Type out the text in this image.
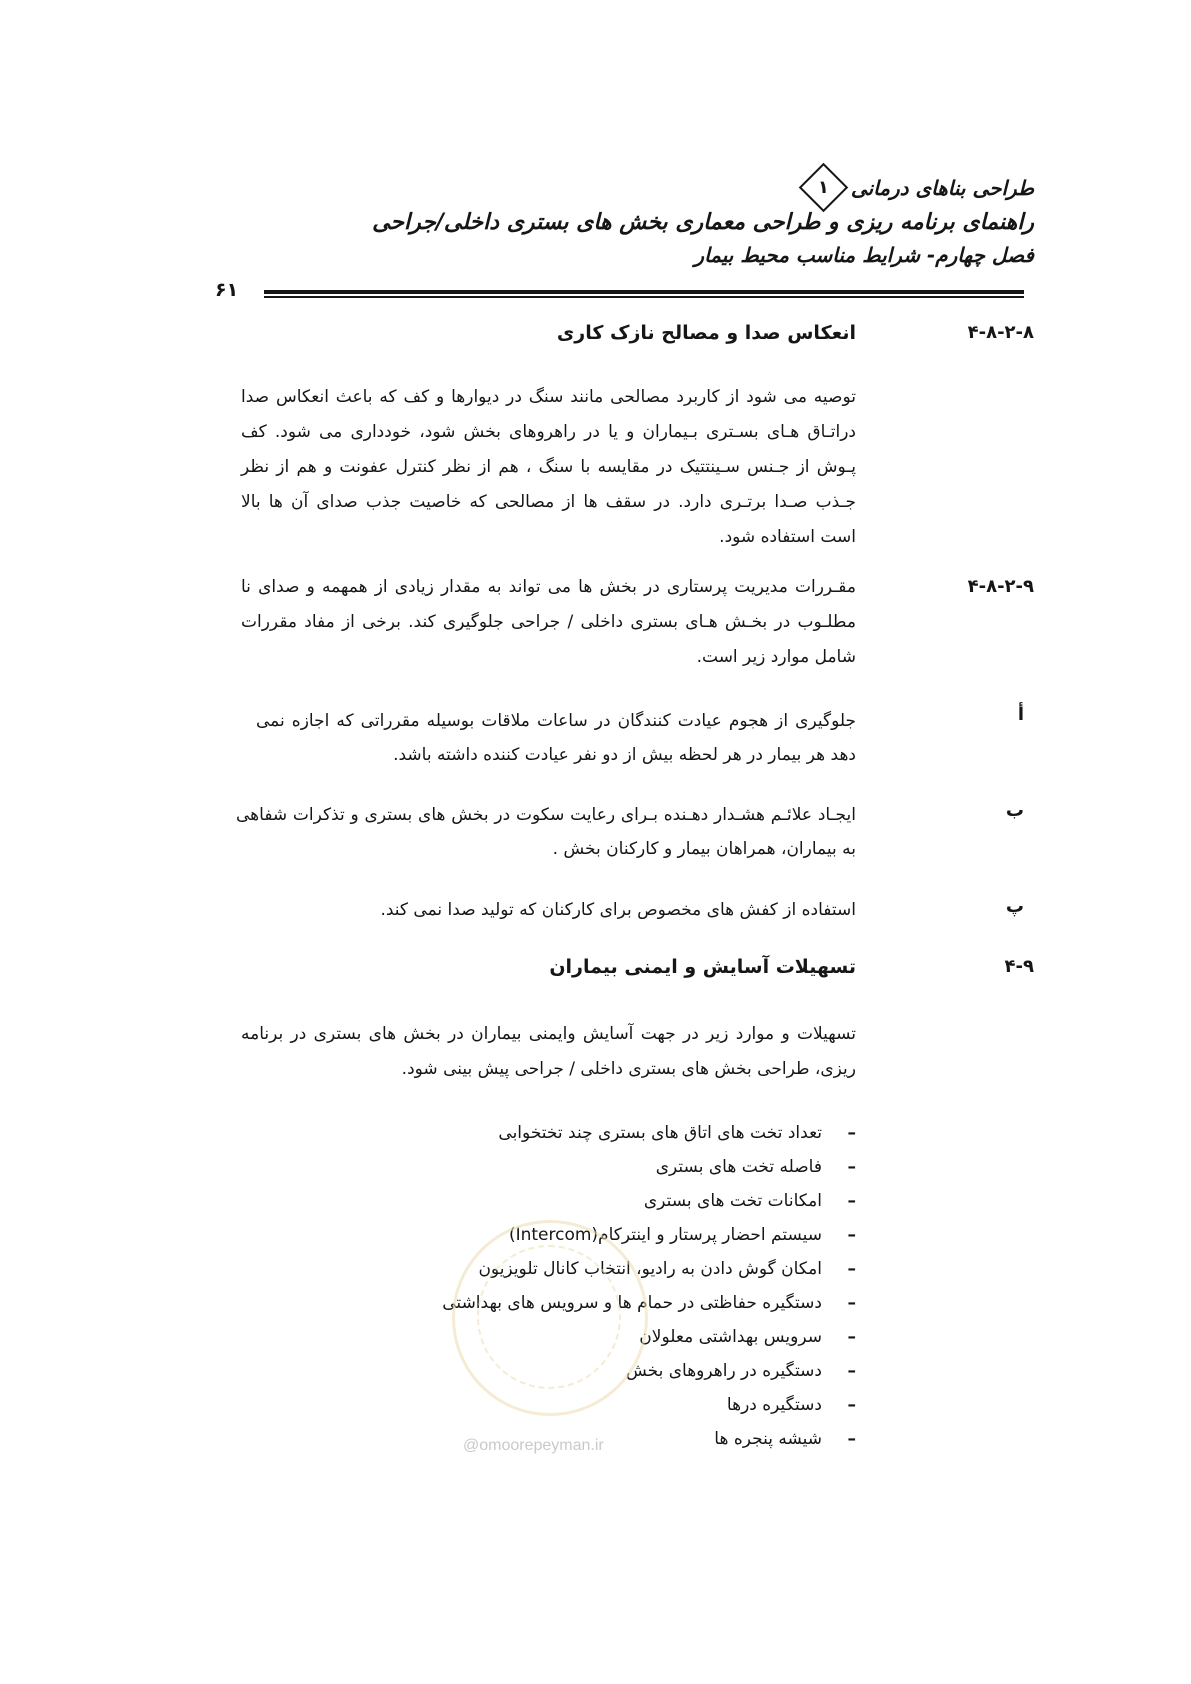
طراحی بناهای درمانی
۱
راهنمای برنامه ریزی و طراحی معماری بخش های بستری داخلی/جراحی
فصل چهارم- شرایط مناسب محیط بیمار
۶۱
۴-۸-۲-۸
انعکاس صدا و مصالح نازک کاری
توصیه می شود از کاربرد مصالحی مانند سنگ در دیوارها و کف که باعث انعکاس صدا دراتـاق هـای بسـتری بـیماران و یا در راهروهای بخش شود، خودداری می شود. کف پـوش از جـنس سـینتتیک در مقایسه با سنگ ، هم از نظر کنترل عفونت و هم از نظر جـذب صـدا برتـری دارد. در سقف ها از مصالحی که خاصیت جذب صدای آن ها بالا است استفاده شود.
۴-۸-۲-۹
مقـررات مدیریت پرستاری در بخش ها می تواند به مقدار زیادی از همهمه و صدای نا مطلـوب در بخـش هـای بستری داخلی / جراحی جلوگیری کند. برخی از مفاد مقررات شامل موارد زیر است.
أ
جلوگیری از هجوم عیادت کنندگان در ساعات ملاقات بوسیله مقرراتی که اجازه نمی دهد هر بیمار در هر لحظه بیش از دو نفر عیادت کننده داشته باشد.
ب
ایجـاد علائـم هشـدار دهـنده بـرای رعایت سکوت در بخش های بستری و تذکرات شفاهی به بیماران، همراهان بیمار و کارکنان بخش .
پ
استفاده از کفش های مخصوص برای کارکنان که تولید صدا نمی کند.
۴-۹
تسهیلات آسایش و ایمنی بیماران
تسهیلات و موارد زیر در جهت آسایش وایمنی بیماران در بخش های بستری در برنامه ریزی، طراحی بخش های بستری داخلی / جراحی پیش بینی شود.
–
تعداد تخت های اتاق های بستری چند تختخوابی
–
فاصله تخت های بستری
–
امکانات تخت های بستری
–
سیستم احضار پرستار و اینترکام(Intercom)
–
امکان گوش دادن به رادیو، انتخاب کانال تلویزیون
–
دستگیره حفاظتی در حمام ها و سرویس های بهداشتی
–
سرویس بهداشتی معلولان
–
دستگیره در راهروهای بخش
–
دستگیره درها
–
شیشه پنجره ها
@omoorepeyman.ir
